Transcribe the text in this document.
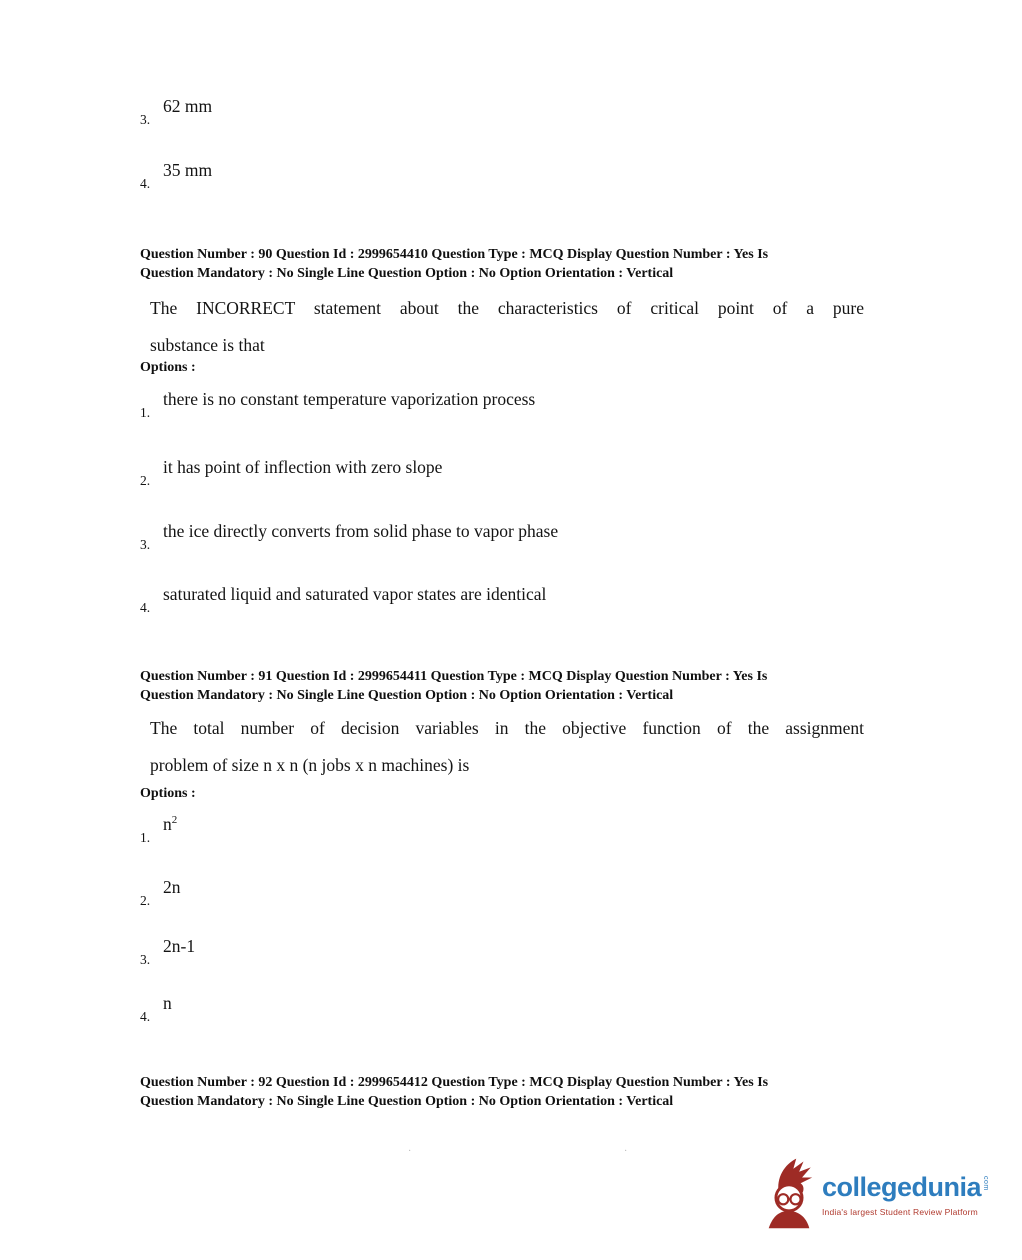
3.
62 mm
4.
35 mm
Question Number : 90 Question Id : 2999654410 Question Type : MCQ Display Question Number : Yes Is
Question Mandatory : No Single Line Question Option : No Option Orientation : Vertical
The INCORRECT statement about the characteristics of critical point of a pure
substance is that
Options :
1.
there is no constant temperature vaporization process
2.
it has point of inflection with zero slope
3.
the ice directly converts from solid phase to vapor phase
4.
saturated liquid and saturated vapor states are identical
Question Number : 91 Question Id : 2999654411 Question Type : MCQ Display Question Number : Yes Is
Question Mandatory : No Single Line Question Option : No Option Orientation : Vertical
The total number of decision variables in the objective function of the assignment
problem of size n x n (n jobs x n machines) is
Options :
1.
$n^2$
2.
2n
3.
2n-1
4.
n
Question Number : 92 Question Id : 2999654412 Question Type : MCQ Display Question Number : Yes Is
Question Mandatory : No Single Line Question Option : No Option Orientation : Vertical
·	·
collegedunia com
India's largest Student Review Platform
